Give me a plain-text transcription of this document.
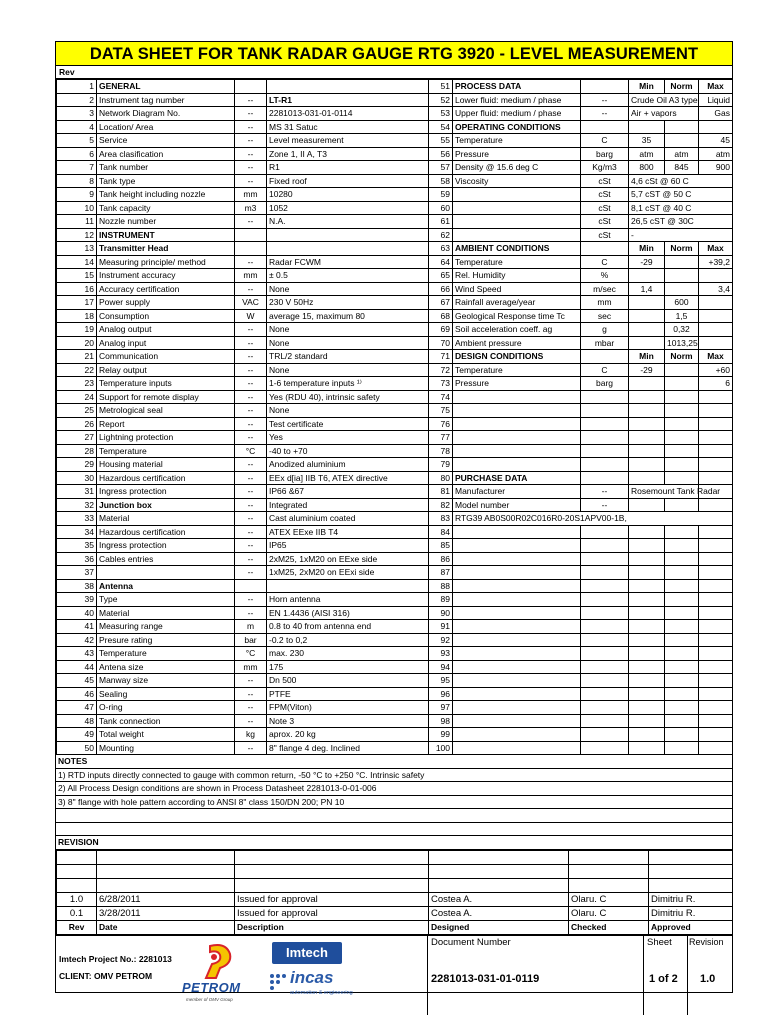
DATA SHEET FOR TANK RADAR GAUGE RTG 3920 - LEVEL MEASUREMENT
Rev
1	GENERAL			51	PROCESS DATA		Min	Norm	Max
2	Instrument tag number	--	LT-R1	52	Lower fluid: medium / phase	--	Crude Oil A3 type		Liquid
3	Network Diagram No.	--	2281013-031-01-0114	53	Upper fluid: medium / phase	--	Air + vapors		Gas
4	Location/ Area	--	MS 31 Satuc	54	OPERATING CONDITIONS				
5	Service	--	Level measurement	55	Temperature	C	35		45
6	Area clasification	--	Zone 1, II A, T3	56	Pressure	barg	atm	atm	atm
7	Tank number	--	R1	57	Density @ 15.6 deg C	Kg/m3	800	845	900
8	Tank type	--	Fixed roof	58	Viscosity	cSt	4,6 cSt @ 60 C		
9	Tank height including nozzle	mm	10280	59		cSt	5,7 cST @ 50 C		
10	Tank capacity	m3	1052	60		cSt	8,1 cST @ 40 C		
11	Nozzle number	--	N.A.	61		cSt	26,5 cST @ 30C		
12	INSTRUMENT			62		cSt	-		
13	Transmitter Head			63	AMBIENT CONDITIONS		Min	Norm	Max
14	Measuring principle/ method	--	Radar FCWM	64	Temperature	C	-29		+39,2
15	Instrument accuracy	mm	± 0.5	65	Rel. Humidity	%			
16	Accuracy certification	--	None	66	Wind Speed	m/sec	1,4		3,4
17	Power supply	VAC	230 V 50Hz	67	Rainfall average/year	mm		600	
18	Consumption	W	average 15, maximum 80	68	Geological Response time Tc	sec		1,5	
19	Analog output	--	None	69	Soil acceleration coeff. ag	g		0,32	
20	Analog input	--	None	70	Ambient pressure	mbar		1013,25	
21	Communication	--	TRL/2 standard	71	DESIGN CONDITIONS		Min	Norm	Max
22	Relay output	--	None	72	Temperature	C	-29		+60
23	Temperature inputs	--	1-6 temperature inputs ¹⁾	73	Pressure	barg			6
24	Support for remote display	--	Yes (RDU 40), intrinsic safety	74					
25	Metrological seal	--	None	75					
26	Report	--	Test certificate	76					
27	Lightning protection	--	Yes	77					
28	Temperature	°C	-40 to +70	78					
29	Housing material	--	Anodized aluminium	79					
30	Hazardous certification	--	EEx d[ia] IIB T6, ATEX directive	80	PURCHASE DATA				
31	Ingress protection	--	IP66 &67	81	Manufacturer	--	Rosemount Tank Radar		
32	Junction box	--	Integrated	82	Model number	--			
33	Material	--	Cast aluminium coated	83	RTG39 AB0S00R02C016R0-20S1APV00-1B,				
34	Hazardous certification	--	ATEX EExe IIB T4	84					
35	Ingress protection	--	IP65	85					
36	Cables entries	--	2xM25, 1xM20 on EExe side	86					
37		--	1xM25, 2xM20 on EExi side	87					
38	Antenna			88					
39	Type	--	Horn antenna	89					
40	Material	--	EN 1.4436 (AISI 316)	90					
41	Measuring range	m	0.8 to 40 from antenna end	91					
42	Presure rating	bar	-0.2 to 0,2	92					
43	Temperature	°C	max. 230	93					
44	Antena size	mm	175	94					
45	Manway size	--	Dn 500	95					
46	Sealing	--	PTFE	96					
47	O-ring	--	FPM(Viton)	97					
48	Tank connection	--	Note 3	98					
49	Total weight	kg	aprox. 20 kg	99					
50	Mounting	--	8" flange 4 deg. Inclined	100					
NOTES
1) RTD inputs directly connected to gauge with common return, -50 °C to +250 °C. Intrinsic safety
2) All Process Design conditions are shown in Process Datasheet 2281013-0-01-006
3) 8" flange with hole pattern according to ANSI 8" class 150/DN 200; PN 10
REVISION

1.0	6/28/2011	Issued for approval	Costea A.	Olaru. C	Dimitriu R.
0.1	3/28/2011	Issued for approval	Costea A.	Olaru. C	Dimitriu R.
Rev	Date	Description	Designed	Checked	Approved
Imtech Project No.: 2281013
CLIENT: OMV PETROM
PETROM
member of OMV Group
Imtech
incas
automation & engineering
Document Number
2281013-031-01-0119
Sheet
1 of 2
Revision
1.0
